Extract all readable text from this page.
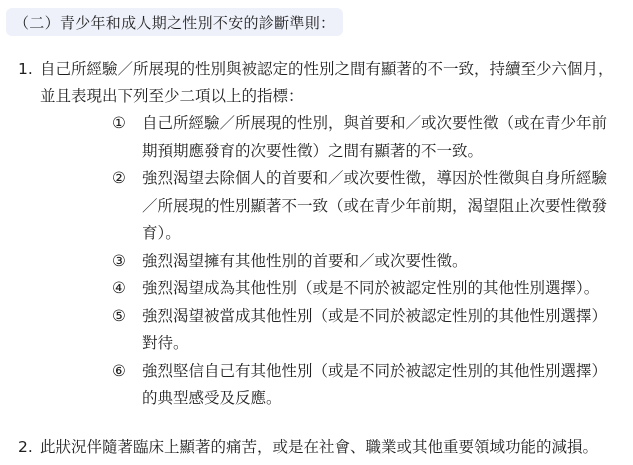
（二）青少年和成人期之性別不安的診斷準則：
1. 自己所經驗／所展現的性別與被認定的性別之間有顯著的不一致，持續至少六個月，
並且表現出下列至少二項以上的指標：
①	自己所經驗／所展現的性別，與首要和／或次要性徵（或在青少年前
期預期應發育的次要性徵）之間有顯著的不一致。
②	強烈渴望去除個人的首要和／或次要性徵，導因於性徵與自身所經驗
／所展現的性別顯著不一致（或在青少年前期，渴望阻止次要性徵發
育）。
③	強烈渴望擁有其他性別的首要和／或次要性徵。
④	強烈渴望成為其他性別（或是不同於被認定性別的其他性別選擇）。
⑤	強烈渴望被當成其他性別（或是不同於被認定性別的其他性別選擇）
對待。
⑥	強烈堅信自己有其他性別（或是不同於被認定性別的其他性別選擇）
的典型感受及反應。
2. 此狀況伴隨著臨床上顯著的痛苦，或是在社會、職業或其他重要領域功能的減損。
